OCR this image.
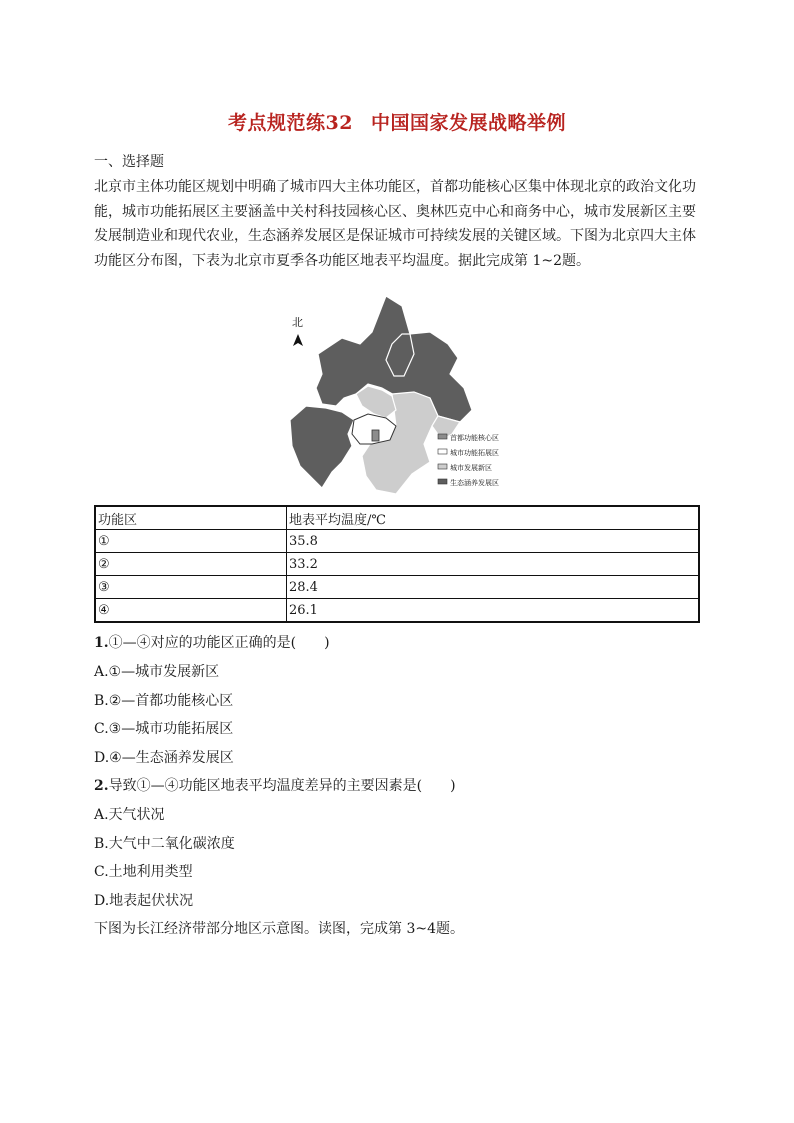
考点规范练32 中国国家发展战略举例
一、选择题

北京市主体功能区规划中明确了城市四大主体功能区，首都功能核心区集中体现北京的政治文化功

能，城市功能拓展区主要涵盖中关村科技园核心区、奥林匹克中心和商务中心，城市发展新区主要

发展制造业和现代农业，生态涵养发展区是保证城市可持续发展的关键区域。下图为北京四大主体

功能区分布图，下表为北京市夏季各功能区地表平均温度。据此完成第 1~2题。

北
首都功能核心区
城市功能拓展区
城市发展新区
生态涵养发展区
功能区	地表平均温度/℃
①	35.8
②	33.2
③	28.4
④	26.1
1.①—④对应的功能区正确的是(　　)
A.①—城市发展新区
B.②—首都功能核心区
C.③—城市功能拓展区
D.④—生态涵养发展区
2.导致①—④功能区地表平均温度差异的主要因素是(　　)
A.天气状况
B.大气中二氧化碳浓度
C.土地利用类型
D.地表起伏状况
下图为长江经济带部分地区示意图。读图，完成第 3~4题。
